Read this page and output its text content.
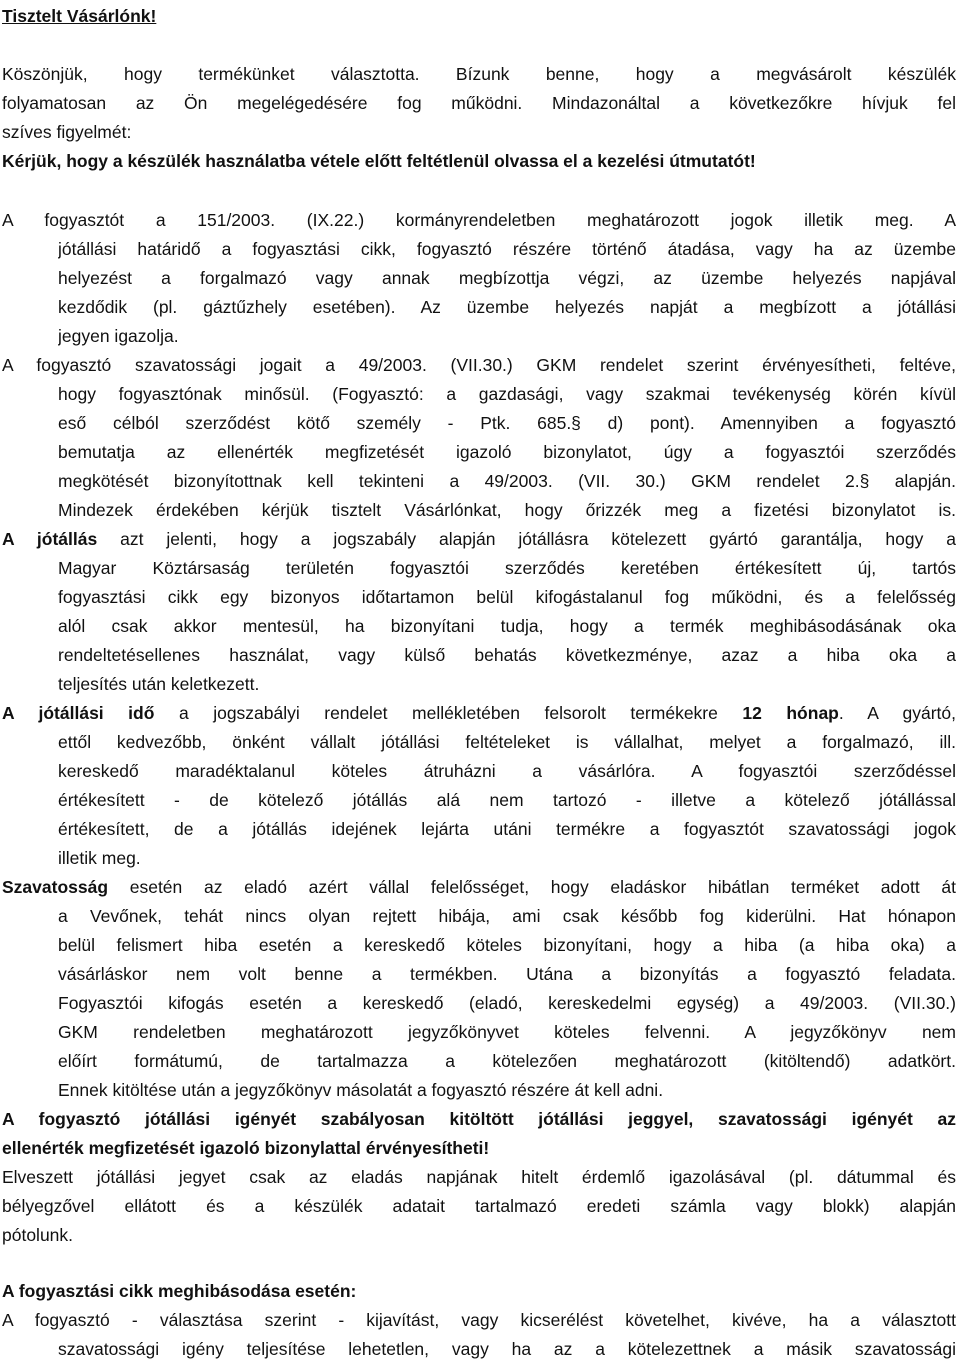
Tisztelt Vásárlónk!
Köszönjük, hogy termékünket választotta. Bízunk benne, hogy a megvásárolt készülék
folyamatosan az Ön megelégedésére fog működni. Mindazonáltal a következőkre hívjuk fel
szíves figyelmét:
Kérjük, hogy a készülék használatba vétele előtt feltétlenül olvassa el a kezelési útmutatót!
A fogyasztót a 151/2003. (IX.22.) kormányrendeletben meghatározott jogok illetik meg. A
jótállási határidő a fogyasztási cikk, fogyasztó részére történő átadása, vagy ha az üzembe
helyezést a forgalmazó vagy annak megbízottja végzi, az üzembe helyezés napjával
kezdődik (pl. gáztűzhely esetében). Az üzembe helyezés napját a megbízott a jótállási
jegyen igazolja.
A fogyasztó szavatossági jogait a 49/2003. (VII.30.) GKM rendelet szerint érvényesítheti, feltéve,
hogy fogyasztónak minősül. (Fogyasztó: a gazdasági, vagy szakmai tevékenység körén kívül
eső célból szerződést kötő személy - Ptk. 685.§ d) pont). Amennyiben a fogyasztó
bemutatja az ellenérték megfizetését igazoló bizonylatot, úgy a fogyasztói szerződés
megkötését bizonyítottnak kell tekinteni a 49/2003. (VII. 30.) GKM rendelet 2.§ alapján.
Mindezek érdekében kérjük tisztelt Vásárlónkat, hogy őrizzék meg a fizetési bizonylatot is.
A jótállás azt jelenti, hogy a jogszabály alapján jótállásra kötelezett gyártó garantálja, hogy a
Magyar Köztársaság területén fogyasztói szerződés keretében értékesített új, tartós
fogyasztási cikk egy bizonyos időtartamon belül kifogástalanul fog működni, és a felelősség
alól csak akkor mentesül, ha bizonyítani tudja, hogy a termék meghibásodásának oka
rendeltetésellenes használat, vagy külső behatás következménye, azaz a hiba oka a
teljesítés után keletkezett.
A jótállási idő a jogszabályi rendelet mellékletében felsorolt termékekre 12 hónap. A gyártó,
ettől kedvezőbb, önként vállalt jótállási feltételeket is vállalhat, melyet a forgalmazó, ill.
kereskedő maradéktalanul köteles átruházni a vásárlóra. A fogyasztói szerződéssel
értékesített - de kötelező jótállás alá nem tartozó - illetve a kötelező jótállással
értékesített, de a jótállás idejének lejárta utáni termékre a fogyasztót szavatossági jogok
illetik meg.
Szavatosság esetén az eladó azért vállal felelősséget, hogy eladáskor hibátlan terméket adott át
a Vevőnek, tehát nincs olyan rejtett hibája, ami csak később fog kiderülni. Hat hónapon
belül felismert hiba esetén a kereskedő köteles bizonyítani, hogy a hiba (a hiba oka) a
vásárláskor nem volt benne a termékben. Utána a bizonyítás a fogyasztó feladata.
Fogyasztói kifogás esetén a kereskedő (eladó, kereskedelmi egység) a 49/2003. (VII.30.)
GKM rendeletben meghatározott jegyzőkönyvet köteles felvenni. A jegyzőkönyv nem
előírt formátumú, de tartalmazza a kötelezően meghatározott (kitöltendő) adatkört.
Ennek kitöltése után a jegyzőkönyv másolatát a fogyasztó részére át kell adni.
A fogyasztó jótállási igényét szabályosan kitöltött jótállási jeggyel, szavatossági igényét az
ellenérték megfizetését igazoló bizonylattal érvényesítheti!
Elveszett jótállási jegyet csak az eladás napjának hitelt érdemlő igazolásával (pl. dátummal és
bélyegzővel ellátott és a készülék adatait tartalmazó eredeti számla vagy blokk) alapján
pótolunk.
A fogyasztási cikk meghibásodása esetén:
A fogyasztó - választása szerint - kijavítást, vagy kicserélést követelhet, kivéve, ha a választott
szavatossági igény teljesítése lehetetlen, vagy ha az a kötelezettnek a másik szavatossági
